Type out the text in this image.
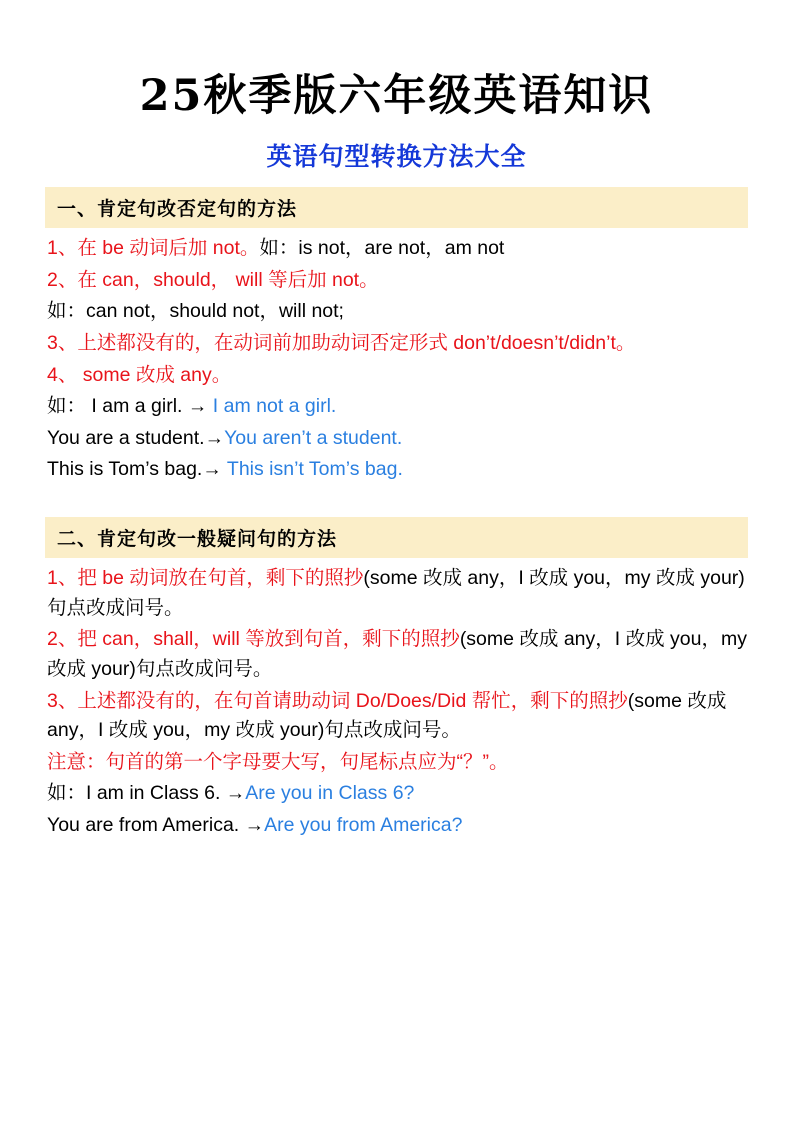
25秋季版六年级英语知识
英语句型转换方法大全
一、肯定句改否定句的方法

1、在 be 动词后加 not。如：is not，are not，am not

2、在 can，should， will 等后加 not。

如：can not，should not，will not;

3、上述都没有的，在动词前加助动词否定形式 don’t/doesn’t/didn’t。

4、 some 改成 any。

如： I am a girl. → I am not a girl.

You are a student.→You aren’t a student.

This is Tom’s bag.→ This isn’t Tom’s bag.

二、肯定句改一般疑问句的方法

1、把 be 动词放在句首，剩下的照抄(some 改成 any，I 改成 you，my 改成 your)句点改成问号。

2、把 can，shall，will 等放到句首，剩下的照抄(some 改成 any，I 改成 you，my 改成 your)句点改成问号。

3、上述都没有的，在句首请助动词 Do/Does/Did 帮忙，剩下的照抄(some 改成 any，I 改成 you，my 改成 your)句点改成问号。

注意：句首的第一个字母要大写，句尾标点应为“？”。

如：I am in Class 6. →Are you in Class 6?

You are from America. →Are you from America?
